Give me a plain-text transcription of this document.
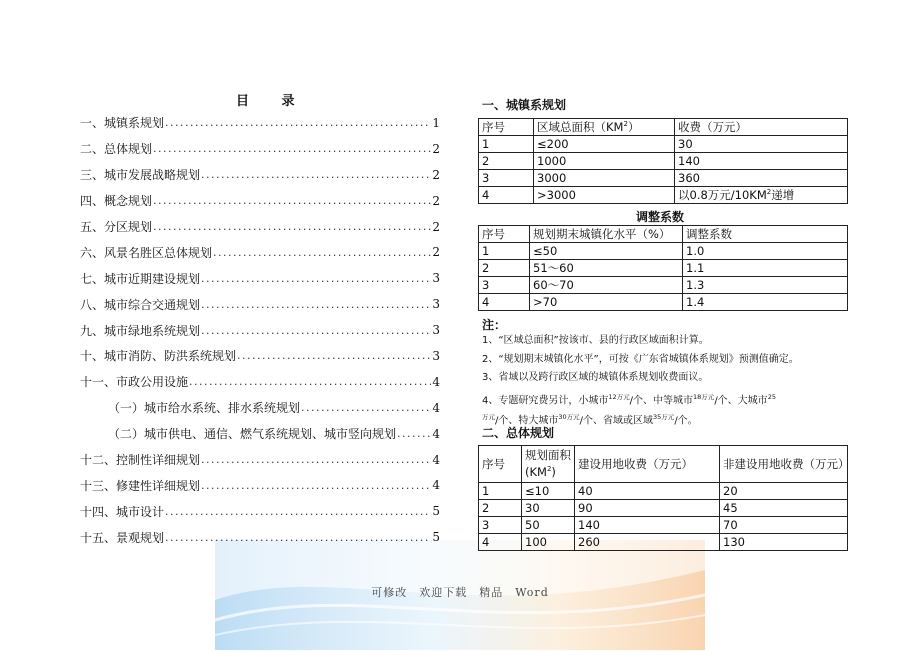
可修改　欢迎下载　精品　Word
目 录
一、城镇系规划 .....	1
二、总体规划 .....	2
三、城市发展战略规划 .....	2
四、概念规划 .....	2
五、分区规划 .....	2
六、风景名胜区总体规划 .....	2
七、城市近期建设规划 .....	3
八、城市综合交通规划 .....	3
九、城市绿地系统规划 .....	3
十、城市消防、防洪系统规划 .....	3
十一、市政公用设施 .....	4
（一）城市给水系统、排水系统规划 .....	4
（二）城市供电、通信、燃气系统规划、城市竖向规划 .....	4
十二、控制性详细规划 .....	4
十三、修建性详细规划 .....	4
十四、城市设计 .....	5
十五、景观规划 .....	5
一、城镇系规划
序号	区域总面积$(KM^2)$	收费（万元）
1	≤200	30
2	1000	140
3	3000	360
4	>3000	以0.8万元$/10KM^2$递增
调整系数
序号	规划期末城镇化水平（%）	调整系数
1	≤50	1.0
2	51～60	1.1
3	60～70	1.3
4	>70	1.4
注：
1、“区域总面积”按该市、县的行政区域面积计算。
2、“规划期末城镇化水平”，可按《广东省城镇体系规划》预测值确定。
3、省域以及跨行政区域的城镇体系规划收费面议。
4、专题研究费另计，小城市$^{12万元}$/个、中等城市$^{18万元}$/个、大城市$^{25}$
$^{万元}$/个、特大城市$^{30万元}$/个、省域或区域$^{35万元}$/个。
二、总体规划
序号	规划面积$(KM^2)$	建设用地收费（万元）	非建设用地收费（万元）
1	≤10	40	20
2	30	90	45
3	50	140	70
4	100	260	130
